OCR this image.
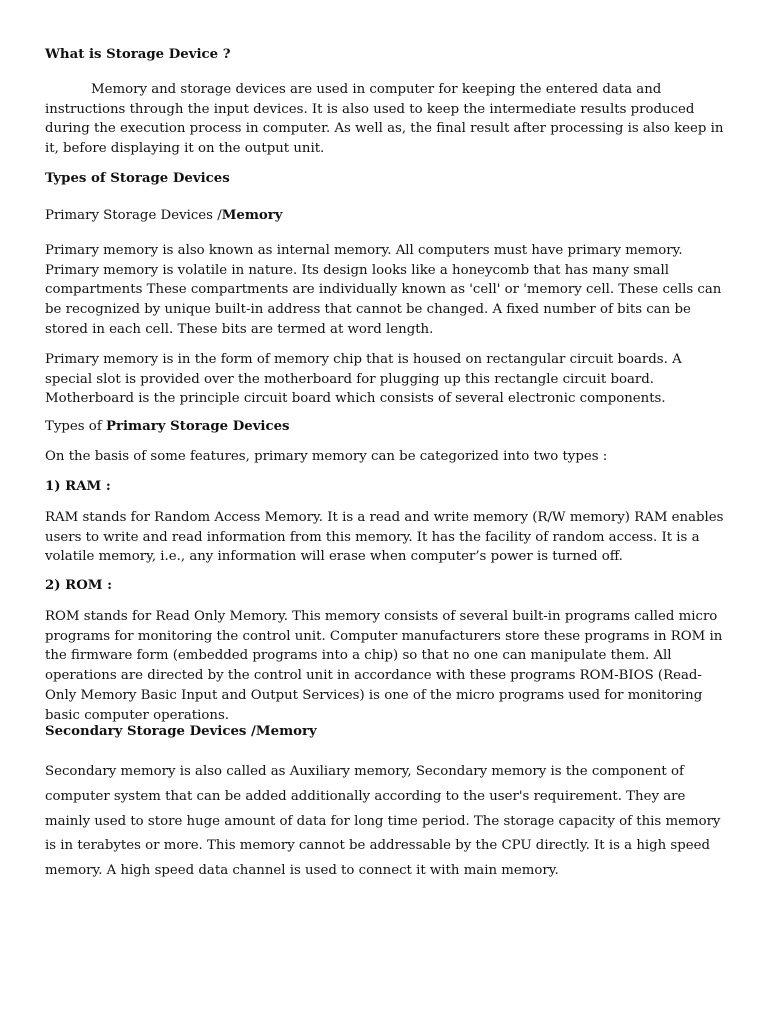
What is Storage Device ?

Memory and storage devices are used in computer for keeping the entered data and instructions through the input devices. It is also used to keep the intermediate results produced during the execution process in computer. As well as, the final result after processing is also keep in it, before displaying it on the output unit.

Types of Storage Devices

Primary Storage Devices /Memory

Primary memory is also known as internal memory. All computers must have primary memory. Primary memory is volatile in nature. Its design looks like a honeycomb that has many small compartments These compartments are individually known as 'cell' or 'memory cell. These cells can be recognized by unique built-in address that cannot be changed. A fixed number of bits can be stored in each cell. These bits are termed at word length.

Primary memory is in the form of memory chip that is housed on rectangular circuit boards. A special slot is provided over the motherboard for plugging up this rectangle circuit board. Motherboard is the principle circuit board which consists of several electronic components.

Types of Primary Storage Devices

On the basis of some features, primary memory can be categorized into two types :

1) RAM :

RAM stands for Random Access Memory. It is a read and write memory (R/W memory) RAM enables users to write and read information from this memory. It has the facility of random access. It is a volatile memory, i.e., any information will erase when computer’s power is turned off.

2) ROM :

ROM stands for Read Only Memory. This memory consists of several built-in programs called micro programs for monitoring the control unit. Computer manufacturers store these programs in ROM in the firmware form (embedded programs into a chip) so that no one can manipulate them. All operations are directed by the control unit in accordance with these programs ROM-BIOS (Read-Only Memory Basic Input and Output Services) is one of the micro programs used for monitoring basic computer operations.

Secondary Storage Devices /Memory

Secondary memory is also called as Auxiliary memory, Secondary memory is the component of computer system that can be added additionally according to the user's requirement. They are mainly used to store huge amount of data for long time period. The storage capacity of this memory is in terabytes or more. This memory cannot be addressable by the CPU directly. It is a high speed memory. A high speed data channel is used to connect it with main memory.
